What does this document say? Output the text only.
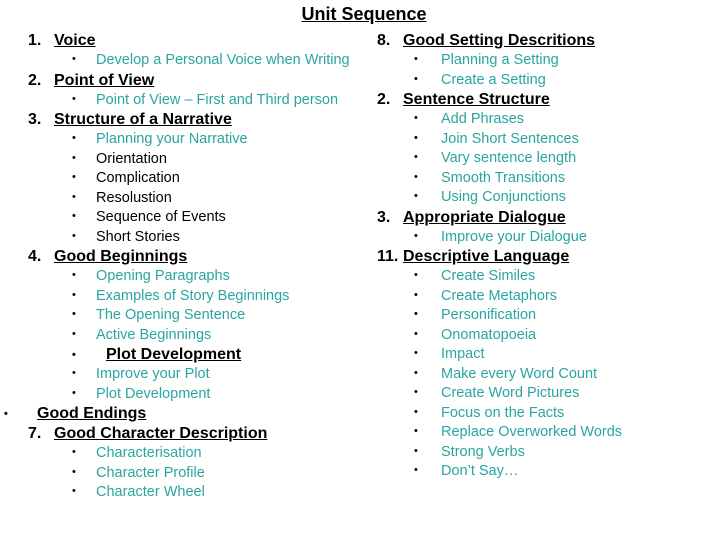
Unit Sequence
1. Voice
• Develop a Personal Voice when Writing
2. Point of View
• Point of View – First and Third person
3. Structure of a Narrative
• Planning your Narrative
• Orientation
• Complication
• Resolustion
• Sequence of Events
• Short Stories
4. Good Beginnings
• Opening Paragraphs
• Examples of Story Beginnings
• The Opening Sentence
• Active Beginnings
• Plot Development
• Improve your Plot
• Plot Development
• Good Endings
7. Good Character Description
• Characterisation
• Character Profile
• Character Wheel
8. Good Setting Descritions
• Planning a Setting
• Create a Setting
2. Sentence Structure
• Add Phrases
• Join Short Sentences
• Vary sentence length
• Smooth Transitions
• Using Conjunctions
3. Appropriate Dialogue
• Improve your Dialogue
11. Descriptive Language
• Create Similes
• Create Metaphors
• Personification
• Onomatopoeia
• Impact
• Make every Word Count
• Create Word Pictures
• Focus on the Facts
• Replace Overworked Words
• Strong Verbs
• Don’t Say…
